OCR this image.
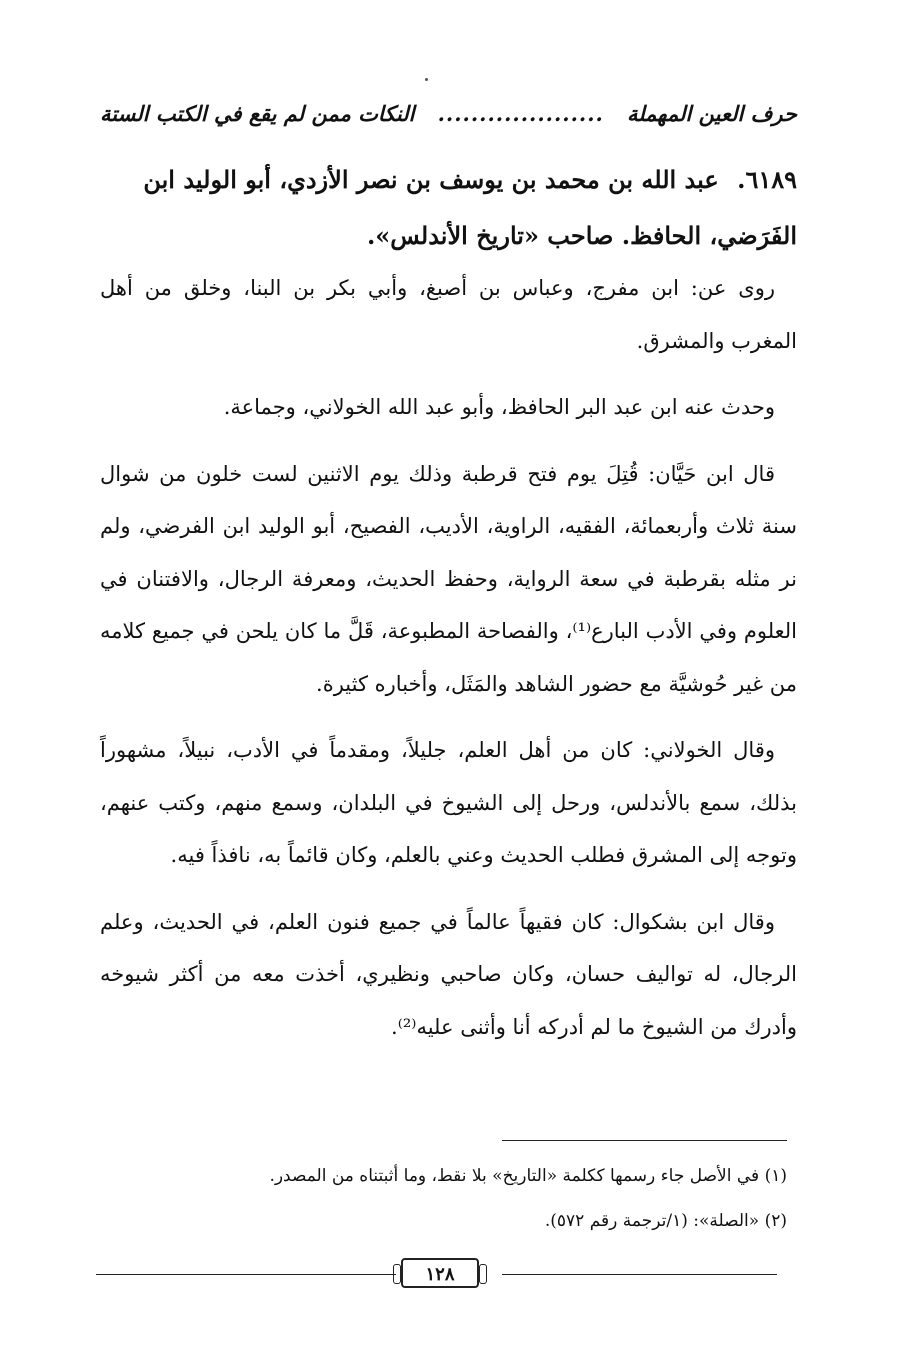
حرف العين المهملة
....................
النكات ممن لم يقع في الكتب الستة
٦١٨٩. عبد الله بن محمد بن يوسف بن نصر الأزدي، أبو الوليد ابن الفَرَضي، الحافظ. صاحب «تاريخ الأندلس».

روى عن: ابن مفرج، وعباس بن أصبغ، وأبي بكر بن البنا، وخلق من أهل المغرب والمشرق.

وحدث عنه ابن عبد البر الحافظ، وأبو عبد الله الخولاني، وجماعة.

قال ابن حَيَّان: قُتِلَ يوم فتح قرطبة وذلك يوم الاثنين لست خلون من شوال سنة ثلاث وأربعمائة، الفقيه، الراوية، الأديب، الفصيح، أبو الوليد ابن الفرضي، ولم نر مثله بقرطبة في سعة الرواية، وحفظ الحديث، ومعرفة الرجال، والافتنان في العلوم وفي الأدب البارع⁽¹⁾، والفصاحة المطبوعة، قَلَّ ما كان يلحن في جميع كلامه من غير حُوشيَّة مع حضور الشاهد والمَثَل، وأخباره كثيرة.

وقال الخولاني: كان من أهل العلم، جليلاً، ومقدماً في الأدب، نبيلاً، مشهوراً بذلك، سمع بالأندلس، ورحل إلى الشيوخ في البلدان، وسمع منهم، وكتب عنهم، وتوجه إلى المشرق فطلب الحديث وعني بالعلم، وكان قائماً به، نافذاً فيه.

وقال ابن بشكوال: كان فقيهاً عالماً في جميع فنون العلم، في الحديث، وعلم الرجال، له تواليف حسان، وكان صاحبي ونظيري، أخذت معه من أكثر شيوخه وأدرك من الشيوخ ما لم أدركه أنا وأثنى عليه⁽²⁾.

(١) في الأصل جاء رسمها ككلمة «التاريخ» بلا نقط، وما أثبتناه من المصدر.
(٢) «الصلة»: (١/ترجمة رقم ٥٧٢).
١٢٨
